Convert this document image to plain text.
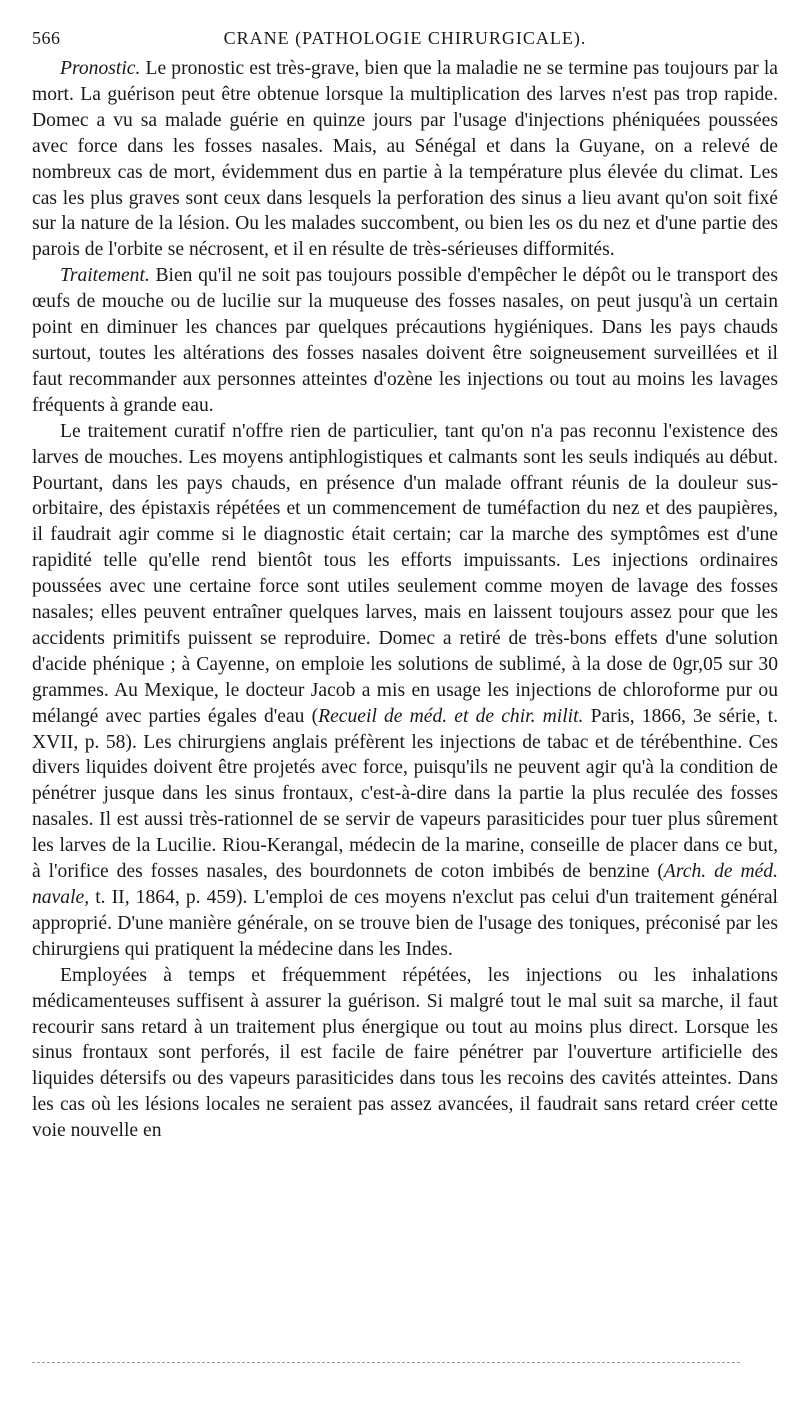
566	CRANE (PATHOLOGIE CHIRURGICALE).

Pronostic. Le pronostic est très-grave, bien que la maladie ne se termine pas toujours par la mort. La guérison peut être obtenue lorsque la multiplication des larves n'est pas trop rapide. Domec a vu sa malade guérie en quinze jours par l'usage d'injections phéniquées poussées avec force dans les fosses nasales. Mais, au Sénégal et dans la Guyane, on a relevé de nombreux cas de mort, évidemment dus en partie à la température plus élevée du climat. Les cas les plus graves sont ceux dans lesquels la perforation des sinus a lieu avant qu'on soit fixé sur la nature de la lésion. Ou les malades succombent, ou bien les os du nez et d'une partie des parois de l'orbite se nécrosent, et il en résulte de très-sérieuses difformités.

Traitement. Bien qu'il ne soit pas toujours possible d'empêcher le dépôt ou le transport des œufs de mouche ou de lucilie sur la muqueuse des fosses nasales, on peut jusqu'à un certain point en diminuer les chances par quelques précautions hygiéniques. Dans les pays chauds surtout, toutes les altérations des fosses nasales doivent être soigneusement surveillées et il faut recommander aux personnes atteintes d'ozène les injections ou tout au moins les lavages fréquents à grande eau.

Le traitement curatif n'offre rien de particulier, tant qu'on n'a pas reconnu l'existence des larves de mouches. Les moyens antiphlogistiques et calmants sont les seuls indiqués au début. Pourtant, dans les pays chauds, en présence d'un malade offrant réunis de la douleur sus-orbitaire, des épistaxis répétées et un commencement de tuméfaction du nez et des paupières, il faudrait agir comme si le diagnostic était certain; car la marche des symptômes est d'une rapidité telle qu'elle rend bientôt tous les efforts impuissants. Les injections ordinaires poussées avec une certaine force sont utiles seulement comme moyen de lavage des fosses nasales; elles peuvent entraîner quelques larves, mais en laissent toujours assez pour que les accidents primitifs puissent se reproduire. Domec a retiré de très-bons effets d'une solution d'acide phénique ; à Cayenne, on emploie les solutions de sublimé, à la dose de 0gr,05 sur 30 grammes. Au Mexique, le docteur Jacob a mis en usage les injections de chloroforme pur ou mélangé avec parties égales d'eau (Recueil de méd. et de chir. milit. Paris, 1866, 3e série, t. XVII, p. 58). Les chirurgiens anglais préfèrent les injections de tabac et de térébenthine. Ces divers liquides doivent être projetés avec force, puisqu'ils ne peuvent agir qu'à la condition de pénétrer jusque dans les sinus frontaux, c'est-à-dire dans la partie la plus reculée des fosses nasales. Il est aussi très-rationnel de se servir de vapeurs parasiticides pour tuer plus sûrement les larves de la Lucilie. Riou-Kerangal, médecin de la marine, conseille de placer dans ce but, à l'orifice des fosses nasales, des bourdonnets de coton imbibés de benzine (Arch. de méd. navale, t. II, 1864, p. 459). L'emploi de ces moyens n'exclut pas celui d'un traitement général approprié. D'une manière générale, on se trouve bien de l'usage des toniques, préconisé par les chirurgiens qui pratiquent la médecine dans les Indes.

Employées à temps et fréquemment répétées, les injections ou les inhalations médicamenteuses suffisent à assurer la guérison. Si malgré tout le mal suit sa marche, il faut recourir sans retard à un traitement plus énergique ou tout au moins plus direct. Lorsque les sinus frontaux sont perforés, il est facile de faire pénétrer par l'ouverture artificielle des liquides détersifs ou des vapeurs parasiticides dans tous les recoins des cavités atteintes. Dans les cas où les lésions locales ne seraient pas assez avancées, il faudrait sans retard créer cette voie nouvelle en
